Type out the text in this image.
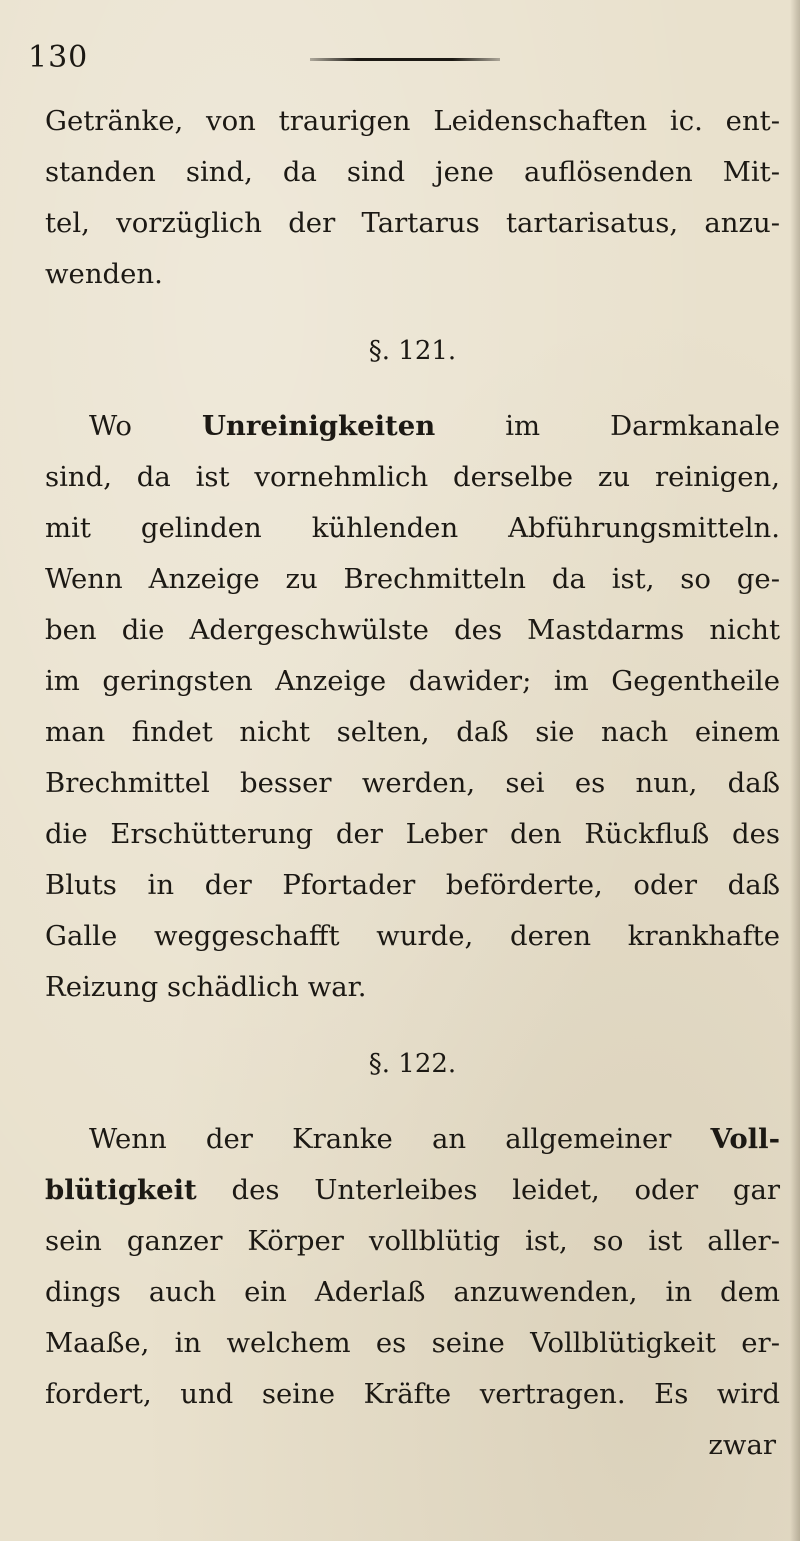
130
Getränke, von traurigen Leidenschaften ic. ent-
standen sind, da sind jene auflösenden Mit-
tel, vorzüglich der Tartarus tartarisatus, anzu-
wenden.
§. 121.
Wo Unreinigkeiten im Darmkanale
sind, da ist vornehmlich derselbe zu reinigen,
mit gelinden kühlenden Abführungsmitteln.
Wenn Anzeige zu Brechmitteln da ist, so ge-
ben die Adergeschwülste des Mastdarms nicht
im geringsten Anzeige dawider; im Gegentheile
man findet nicht selten, daß sie nach einem
Brechmittel besser werden, sei es nun, daß
die Erschütterung der Leber den Rückfluß des
Bluts in der Pfortader beförderte, oder daß
Galle weggeschafft wurde, deren krankhafte
Reizung schädlich war.
§. 122.
Wenn der Kranke an allgemeiner Voll-
blütigkeit des Unterleibes leidet, oder gar
sein ganzer Körper vollblütig ist, so ist aller-
dings auch ein Aderlaß anzuwenden, in dem
Maaße, in welchem es seine Vollblütigkeit er-
fordert, und seine Kräfte vertragen. Es wird
zwar
